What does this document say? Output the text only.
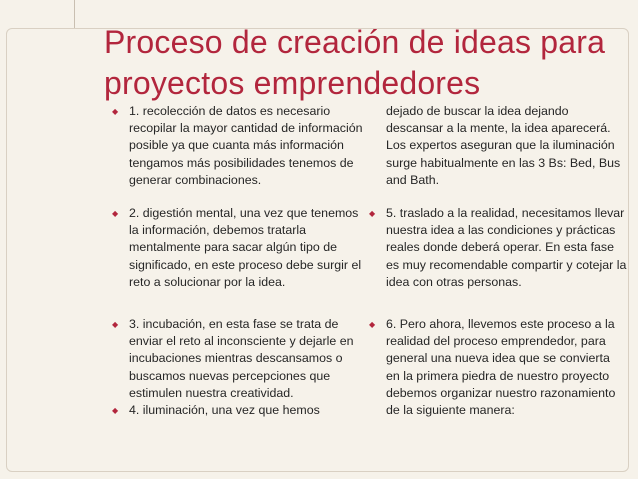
Proceso de creación de ideas para proyectos emprendedores
◆ 1. recolección de datos es necesario recopilar la mayor cantidad de información posible ya que cuanta más información tengamos más posibilidades tenemos de generar combinaciones.
◆ 2. digestión mental, una vez que tenemos la información, debemos tratarla mentalmente para sacar algún tipo de significado, en este proceso debe surgir el reto a solucionar por la idea.
◆ 3. incubación, en esta fase se trata de enviar el reto al inconsciente y dejarle en incubaciones mientras descansamos o buscamos nuevas percepciones que estimulen nuestra creatividad.
◆ 4. iluminación, una vez que hemos
dejado de buscar la idea dejando descansar a la mente, la idea aparecerá. Los expertos aseguran que la iluminación surge habitualmente en las 3 Bs: Bed, Bus and Bath.
◆ 5. traslado a la realidad, necesitamos llevar nuestra idea a las condiciones y prácticas reales donde deberá operar. En esta fase es muy recomendable compartir y cotejar la idea con otras personas.
◆ 6. Pero ahora, llevemos este proceso a la realidad del proceso emprendedor, para general una nueva idea que se convierta en la primera piedra de nuestro proyecto debemos organizar nuestro razonamiento de la siguiente manera:
